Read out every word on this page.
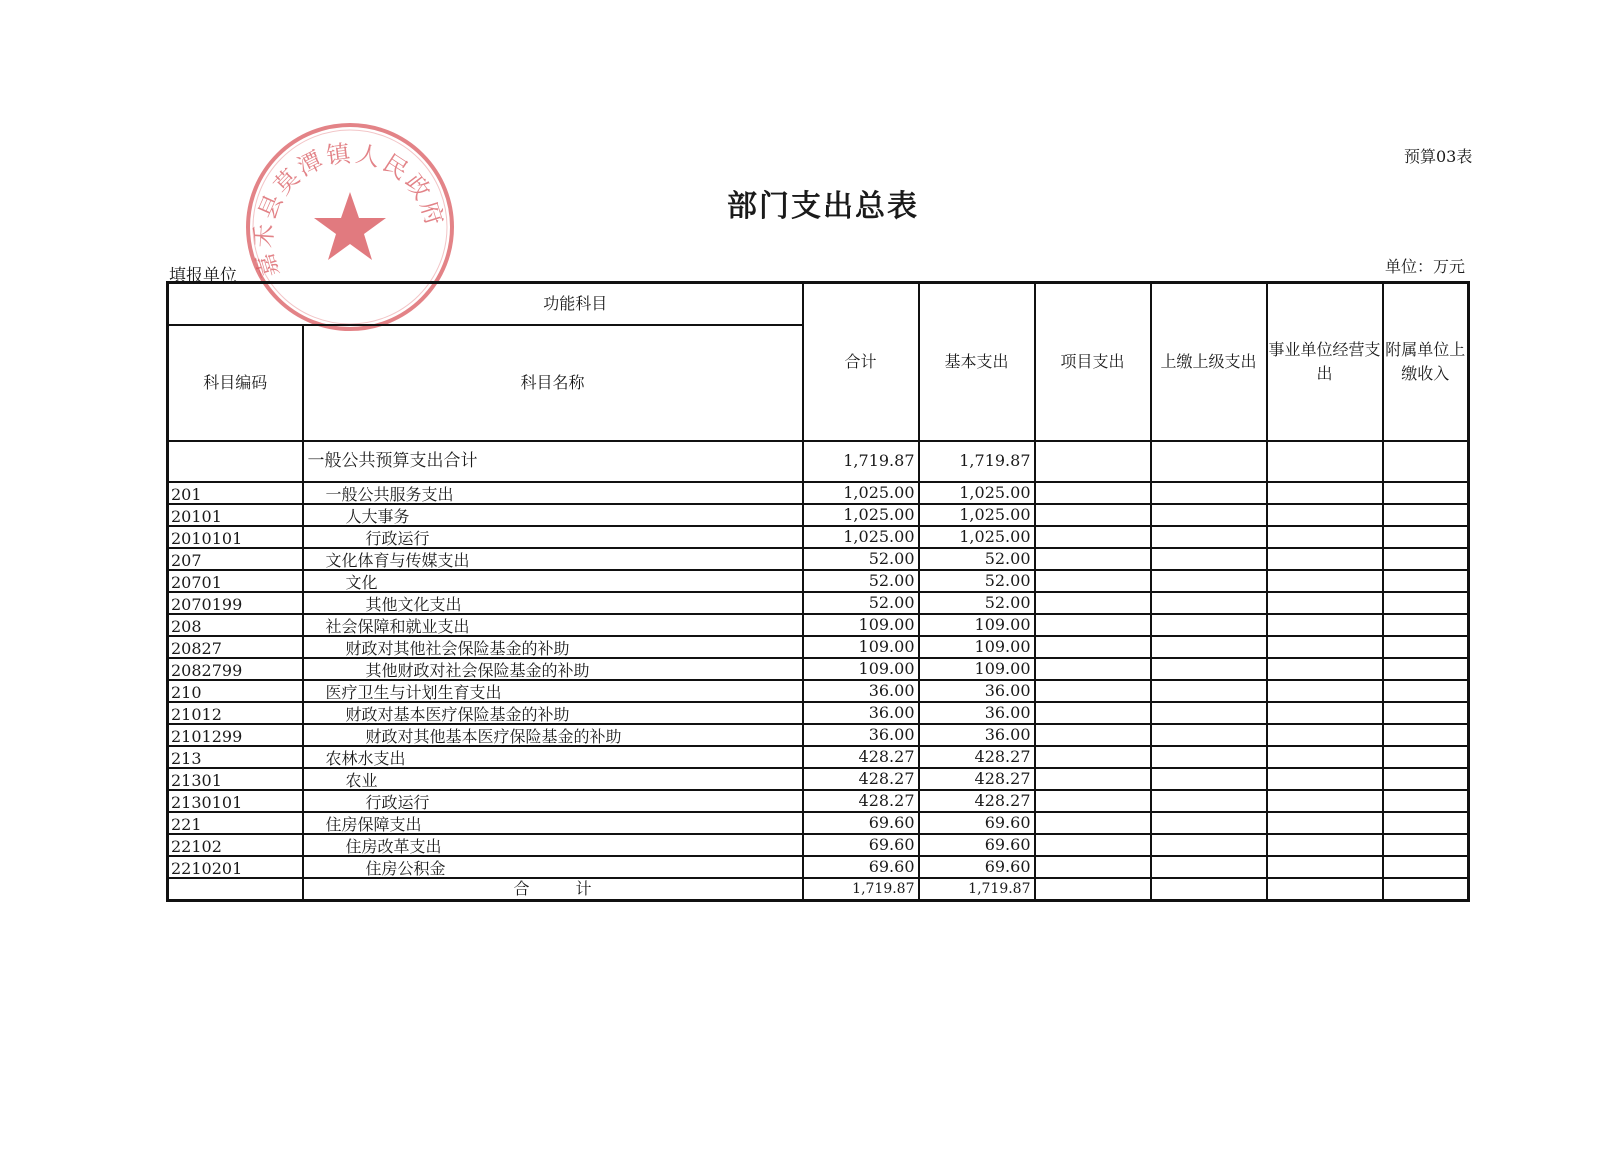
嘉禾县莫潭镇人民政府
预算03表
部门支出总表
填报单位	单位：万元
功能科目		合计	基本支出	项目支出	上缴上级支出	事业单位经营支出	附属单位上缴收入
科目编码	科目名称						
	一般公共预算支出合计	1,719.87	1,719.87				
201	一般公共服务支出	1,025.00	1,025.00				
20101	人大事务	1,025.00	1,025.00				
2010101	行政运行	1,025.00	1,025.00				
207	文化体育与传媒支出	52.00	52.00				
20701	文化	52.00	52.00				
2070199	其他文化支出	52.00	52.00				
208	社会保障和就业支出	109.00	109.00				
20827	财政对其他社会保险基金的补助	109.00	109.00				
2082799	其他财政对社会保险基金的补助	109.00	109.00				
210	医疗卫生与计划生育支出	36.00	36.00				
21012	财政对基本医疗保险基金的补助	36.00	36.00				
2101299	财政对其他基本医疗保险基金的补助	36.00	36.00				
213	农林水支出	428.27	428.27				
21301	农业	428.27	428.27				
2130101	行政运行	428.27	428.27				
221	住房保障支出	69.60	69.60				
22102	住房改革支出	69.60	69.60				
2210201	住房公积金	69.60	69.60				
	合 计	1,719.87	1,719.87				
